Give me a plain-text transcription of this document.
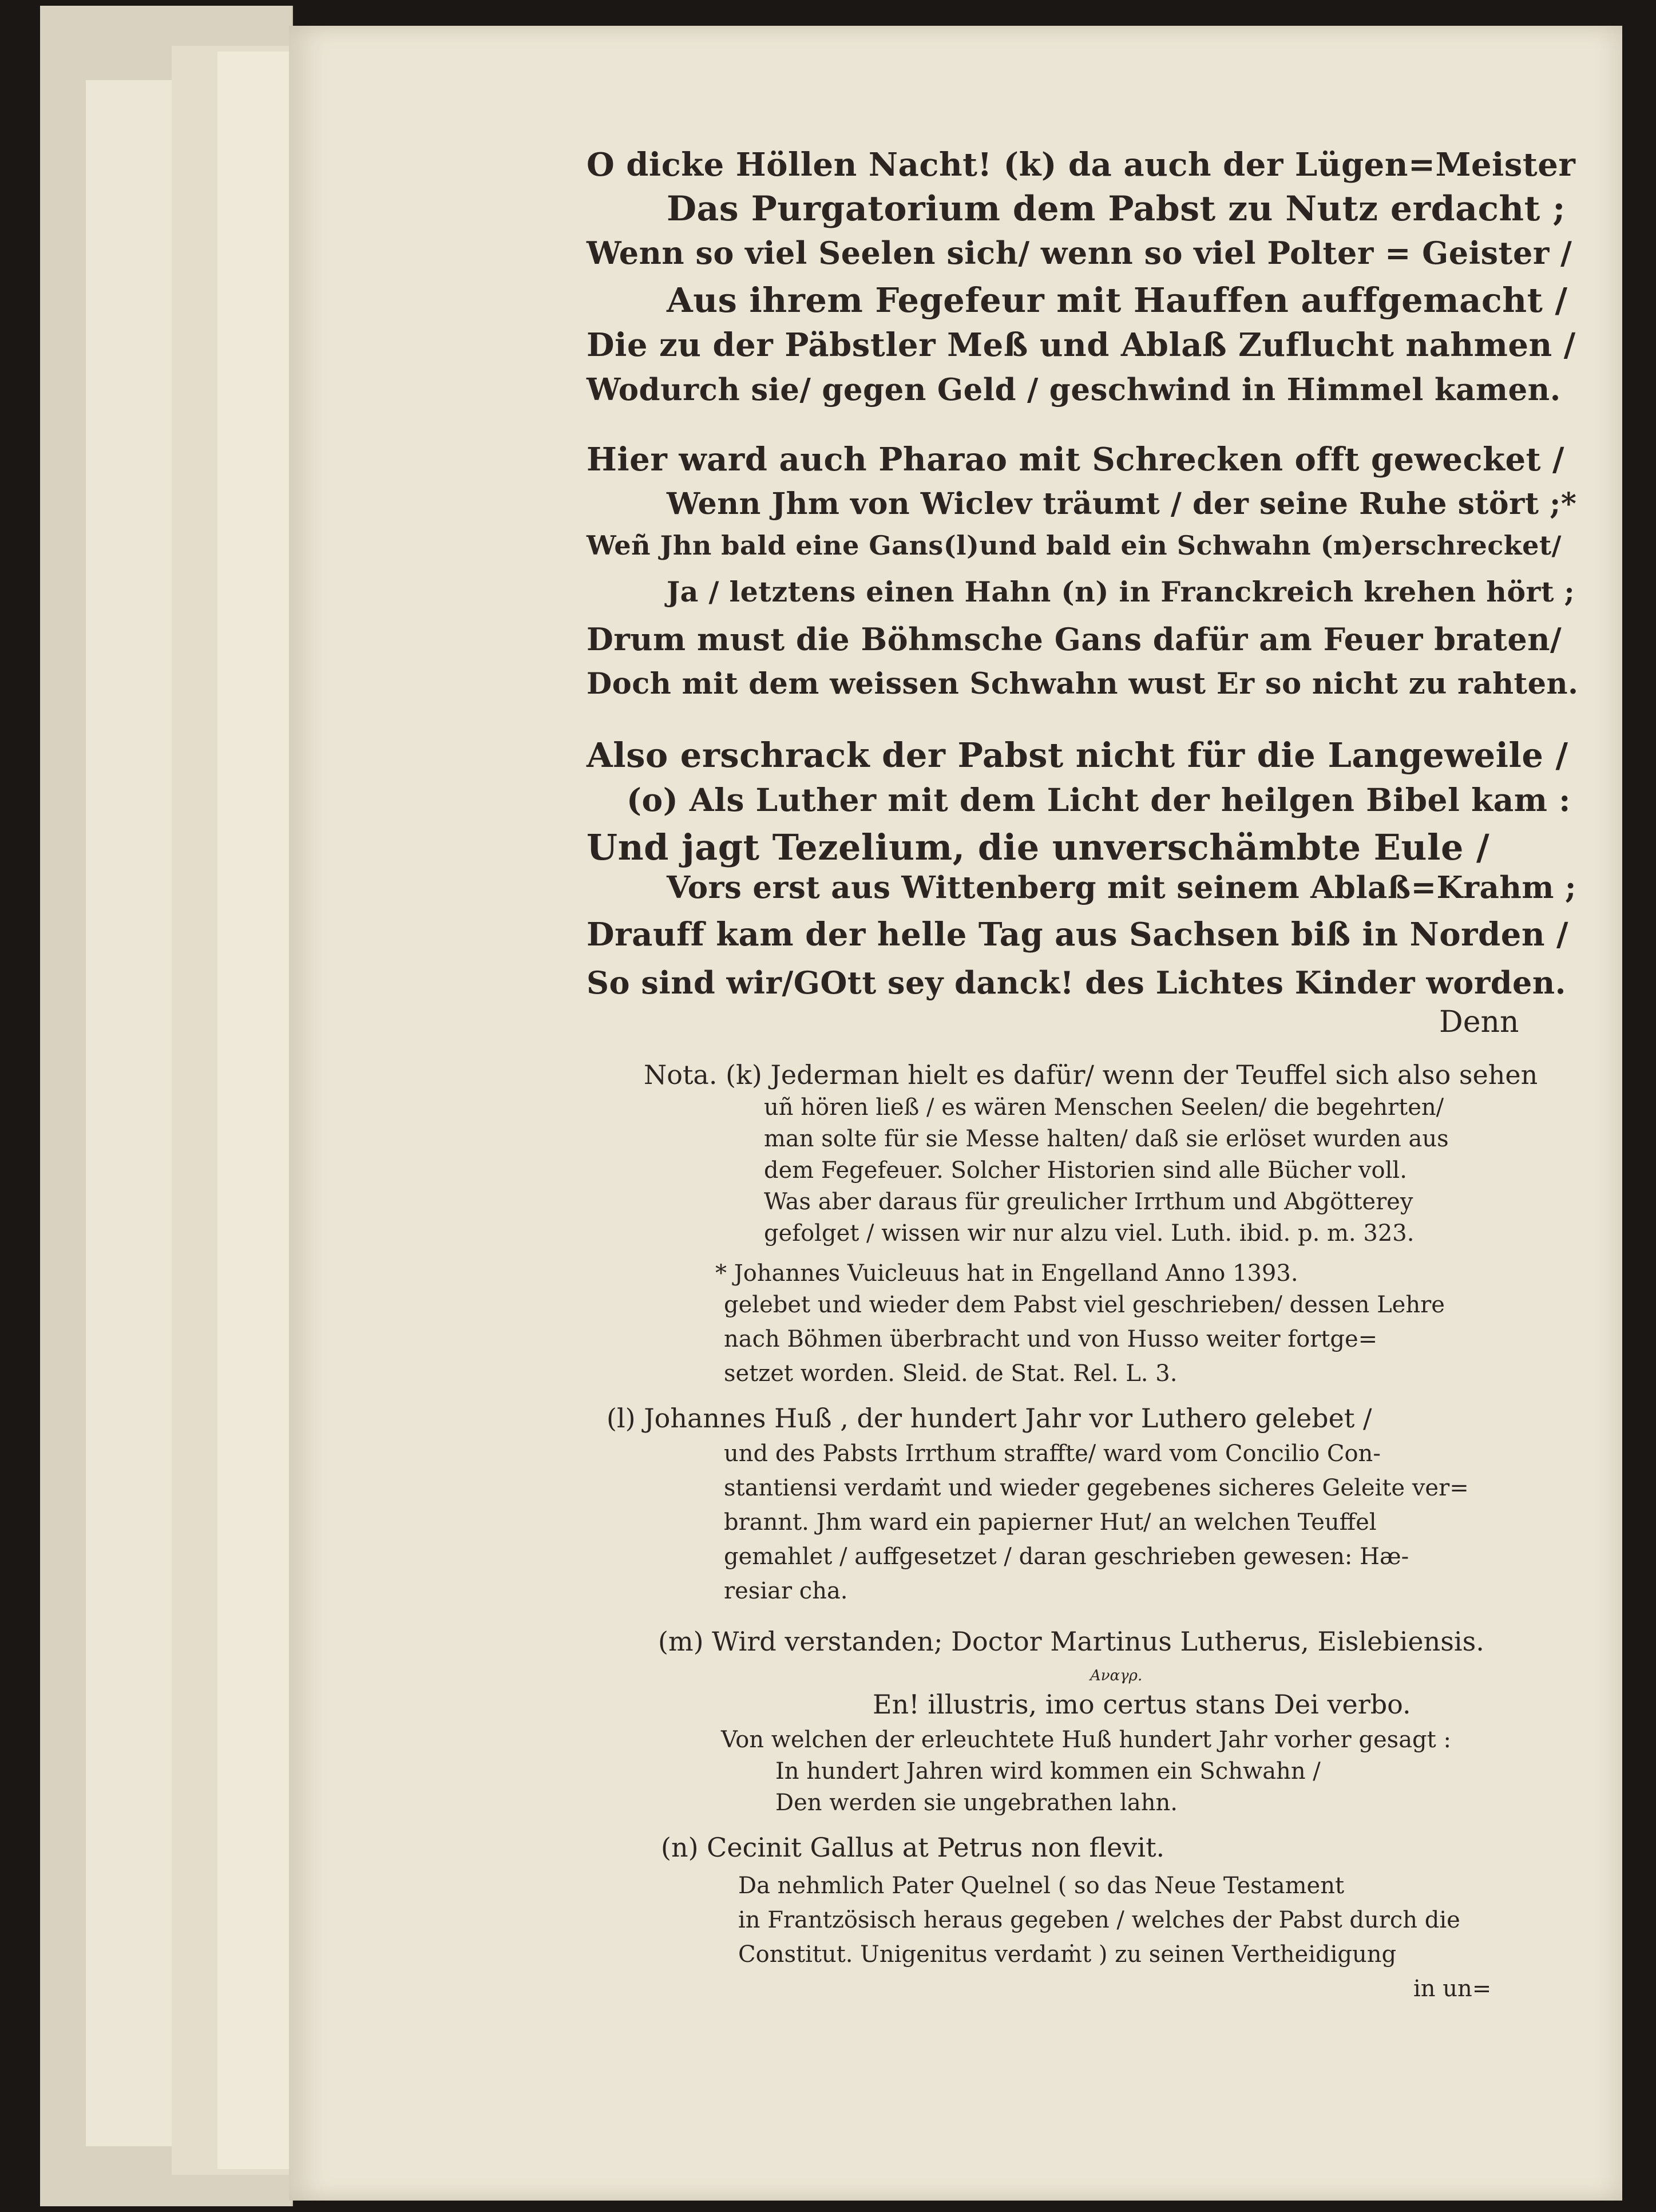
O dicke Höllen Nacht! (k) da auch der Lügen=Meister
Das Purgatorium dem Pabst zu Nutz erdacht ;
Wenn so viel Seelen sich/ wenn so viel Polter = Geister /
Aus ihrem Fegefeur mit Hauffen auffgemacht /
Die zu der Päbstler Meß und Ablaß Zuflucht nahmen /
Wodurch sie/ gegen Geld / geschwind in Himmel kamen.
Hier ward auch Pharao mit Schrecken offt gewecket /
Wenn Jhm von Wiclev träumt / der seine Ruhe stört ;*
Weñ Jhn bald eine Gans(l)und bald ein Schwahn (m)erschrecket/
Ja / letztens einen Hahn (n) in Franckreich krehen hört ;
Drum must die Böhmsche Gans dafür am Feuer braten/
Doch mit dem weissen Schwahn wust Er so nicht zu rahten.
Also erschrack der Pabst nicht für die Langeweile /
(o) Als Luther mit dem Licht der heilgen Bibel kam :
Und jagt Tezelium, die unverschämbte Eule /
Vors erst aus Wittenberg mit seinem Ablaß=Krahm ;
Drauff kam der helle Tag aus Sachsen biß in Norden /
So sind wir/GOtt sey danck! des Lichtes Kinder worden.
Denn
Nota. (k) Jederman hielt es dafür/ wenn der Teuffel sich also sehen
uñ hören ließ / es wären Menschen Seelen/ die begehrten/
man solte für sie Messe halten/ daß sie erlöset wurden aus
dem Fegefeuer. Solcher Historien sind alle Bücher voll.
Was aber daraus für greulicher Irrthum und Abgötterey
gefolget / wissen wir nur alzu viel. Luth. ibid. p. m. 323.
* Johannes Vuicleuus hat in Engelland Anno 1393.
gelebet und wieder dem Pabst viel geschrieben/ dessen Lehre
nach Böhmen überbracht und von Husso weiter fortge=
setzet worden. Sleid. de Stat. Rel. L. 3.
(l) Johannes Huß , der hundert Jahr vor Luthero gelebet /
und des Pabsts Irrthum straffte/ ward vom Concilio Con-
stantiensi verdaṁt und wieder gegebenes sicheres Geleite ver=
brannt. Jhm ward ein papierner Hut/ an welchen Teuffel
gemahlet / auffgesetzet / daran geschrieben gewesen: Hæ-
resiar cha.
(m) Wird verstanden; Doctor Martinus Lutherus, Eislebiensis.
Αναγρ.
En! illustris, imo certus stans Dei verbo.
Von welchen der erleuchtete Huß hundert Jahr vorher gesagt :
In hundert Jahren wird kommen ein Schwahn /
Den werden sie ungebrathen lahn.
(n) Cecinit Gallus at Petrus non flevit.
Da nehmlich Pater Quelnel ( so das Neue Testament
in Frantzösisch heraus gegeben / welches der Pabst durch die
Constitut. Unigenitus verdaṁt ) zu seinen Vertheidigung
in un=
